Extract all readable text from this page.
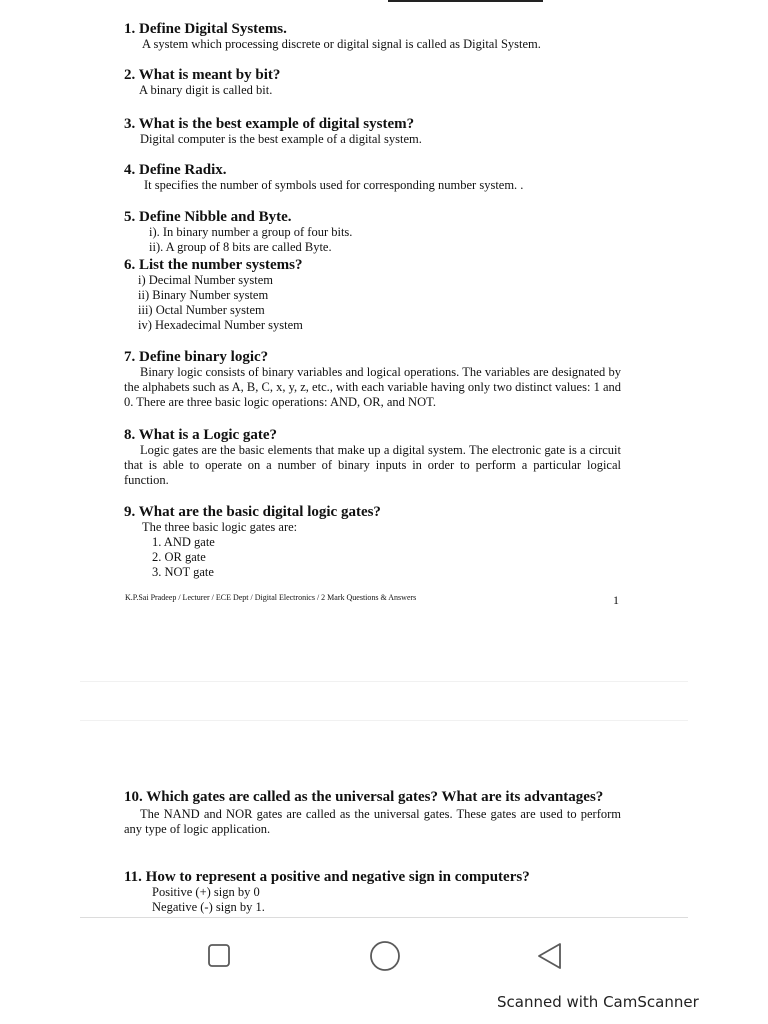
1. Define Digital Systems.

A system which processing discrete or digital signal is called as Digital System.

2. What is meant by bit?

A binary digit is called bit.

3. What is the best example of digital system?

Digital computer is the best example of a digital system.

4. Define Radix.

It specifies the number of symbols used for corresponding number system. .

5. Define Nibble and Byte.

i). In binary number a group of four bits.

ii). A group of 8 bits are called Byte.

6. List the number systems?

i) Decimal Number system

ii) Binary Number system

iii) Octal Number system

iv) Hexadecimal Number system

7. Define binary logic?

Binary logic consists of binary variables and logical operations. The variables are designated by the alphabets such as A, B, C, x, y, z, etc., with each variable having only two distinct values: 1 and 0. There are three basic logic operations: AND, OR, and NOT.

8. What is a Logic gate?

Logic gates are the basic elements that make up a digital system. The electronic gate is a circuit that is able to operate on a number of binary inputs in order to perform a particular logical function.

9. What are the basic digital logic gates?

The three basic logic gates are:

1. AND gate

2. OR gate

3. NOT gate

K.P.Sai Pradeep / Lecturer / ECE Dept / Digital Electronics / 2 Mark Questions & Answers	1

10. Which gates are called as the universal gates? What are its advantages?

The NAND and NOR gates are called as the universal gates. These gates are used to perform any type of logic application.

11. How to represent a positive and negative sign in computers?

Positive (+) sign by 0

Negative (-) sign by 1.

Scanned with CamScanner
